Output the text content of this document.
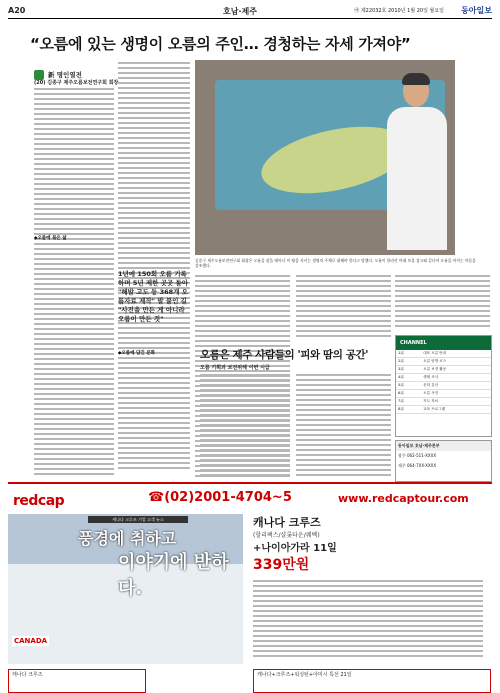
A20	호남·제주	㉮ 제22032호 2010년 1월 20일 월요일 동아일보
“오름에 있는 생명이 오름의 주인… 경청하는 자세 가져야”
新 명인열전
(20) 김종구 제주오름보전연구회 회장
◆오름에 묶은 삶
◆오름에 담긴 문화
김종구 제주오름보전연구회 회장은 오름을 찾을 때마다 이 땅을 지키는 생명의 주체로 대해야 한다고 말했다. 오름이 한라산 아래 보물 창고와 같다며 오름을 아끼는 마음을 강조했다.
1년에 150회 오름 기록하며 5년 제한 곳곳 돌아 "해발 고도 등 368개 오름자료 제작" 발 붙인 길 "사진을 만든 게 아니라 오름이 만든 것"
오름은 제주 사람들의 '피와 땀의 공간'
오름 기획과 보전위해 이번 시급
CHANNEL
1위	대표 오름 안내
2위	오름 탐방 코스
3위	오름 보전 활동
4위	생태 조사
5위	문화 유산
6위	오름 사진
7위	지도 자료
8위	교육 프로그램
동아일보 호남·제주본부
광주 062-511-XXXX
제주 064-7XX-XXXX
redcap	☎(02)2001-4704~5	www.redcaptour.com
캐나다 크루즈 기업 고객 뉴스
풍경에 취하고
이야기에 반하다.
CANADA
캐나다 크루즈
(할리팩스/샬롯타운/퀘벡)
+나이아가라 11일
339만원
캐나다 크루즈	캐나다+크루즈+워싱턴+아미시 특선 21일
